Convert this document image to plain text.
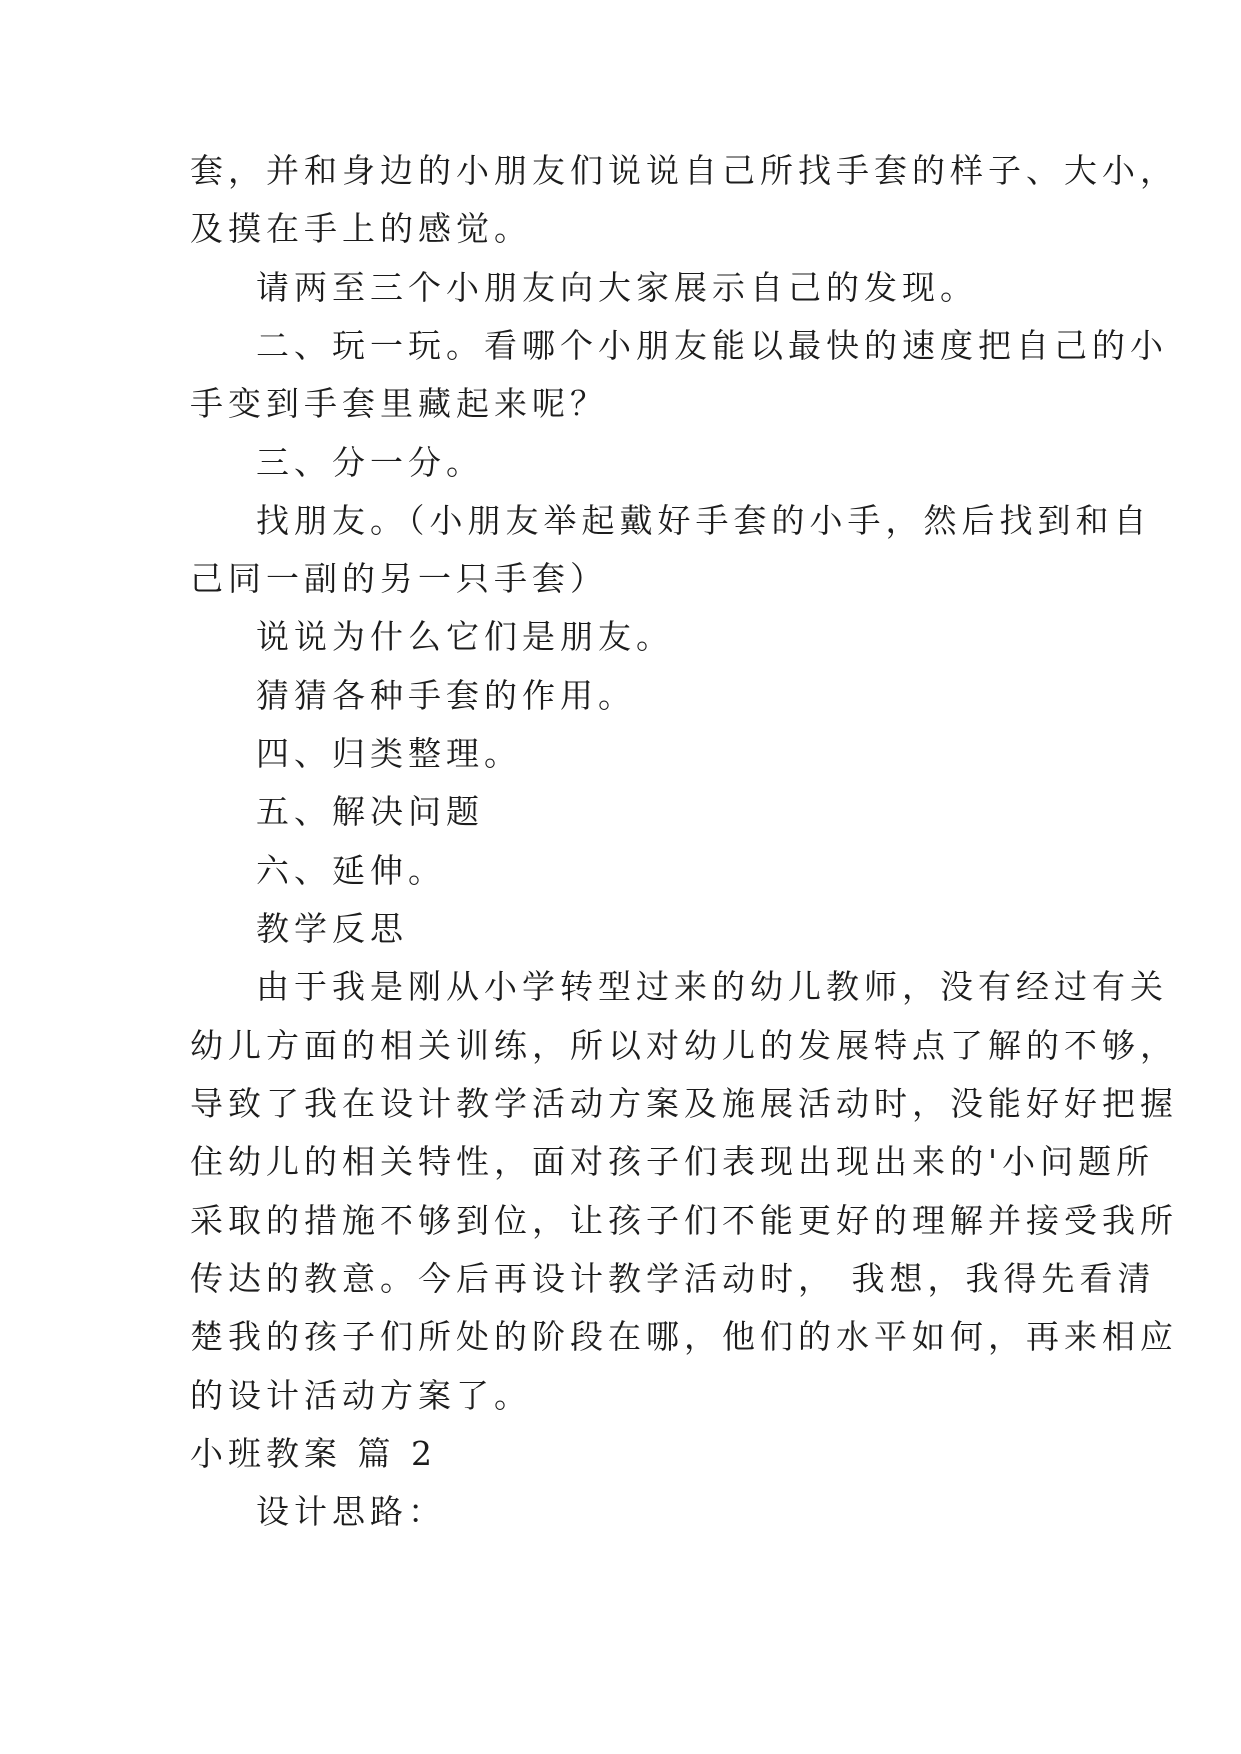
套，并和身边的小朋友们说说自己所找手套的样子、大小，
及摸在手上的感觉。
请两至三个小朋友向大家展示自己的发现。
二、玩一玩。看哪个小朋友能以最快的速度把自己的小
手变到手套里藏起来呢？
三、分一分。
找朋友。（小朋友举起戴好手套的小手，然后找到和自
己同一副的另一只手套）
说说为什么它们是朋友。
猜猜各种手套的作用。
四、归类整理。
五、解决问题
六、延伸。
教学反思
由于我是刚从小学转型过来的幼儿教师，没有经过有关
幼儿方面的相关训练，所以对幼儿的发展特点了解的不够，
导致了我在设计教学活动方案及施展活动时，没能好好把握
住幼儿的相关特性，面对孩子们表现出现出来的'小问题所
采取的措施不够到位，让孩子们不能更好的理解并接受我所
传达的教意。今后再设计教学活动时， 我想，我得先看清
楚我的孩子们所处的阶段在哪，他们的水平如何，再来相应
的设计活动方案了。
小班教案 篇 2
设计思路：
